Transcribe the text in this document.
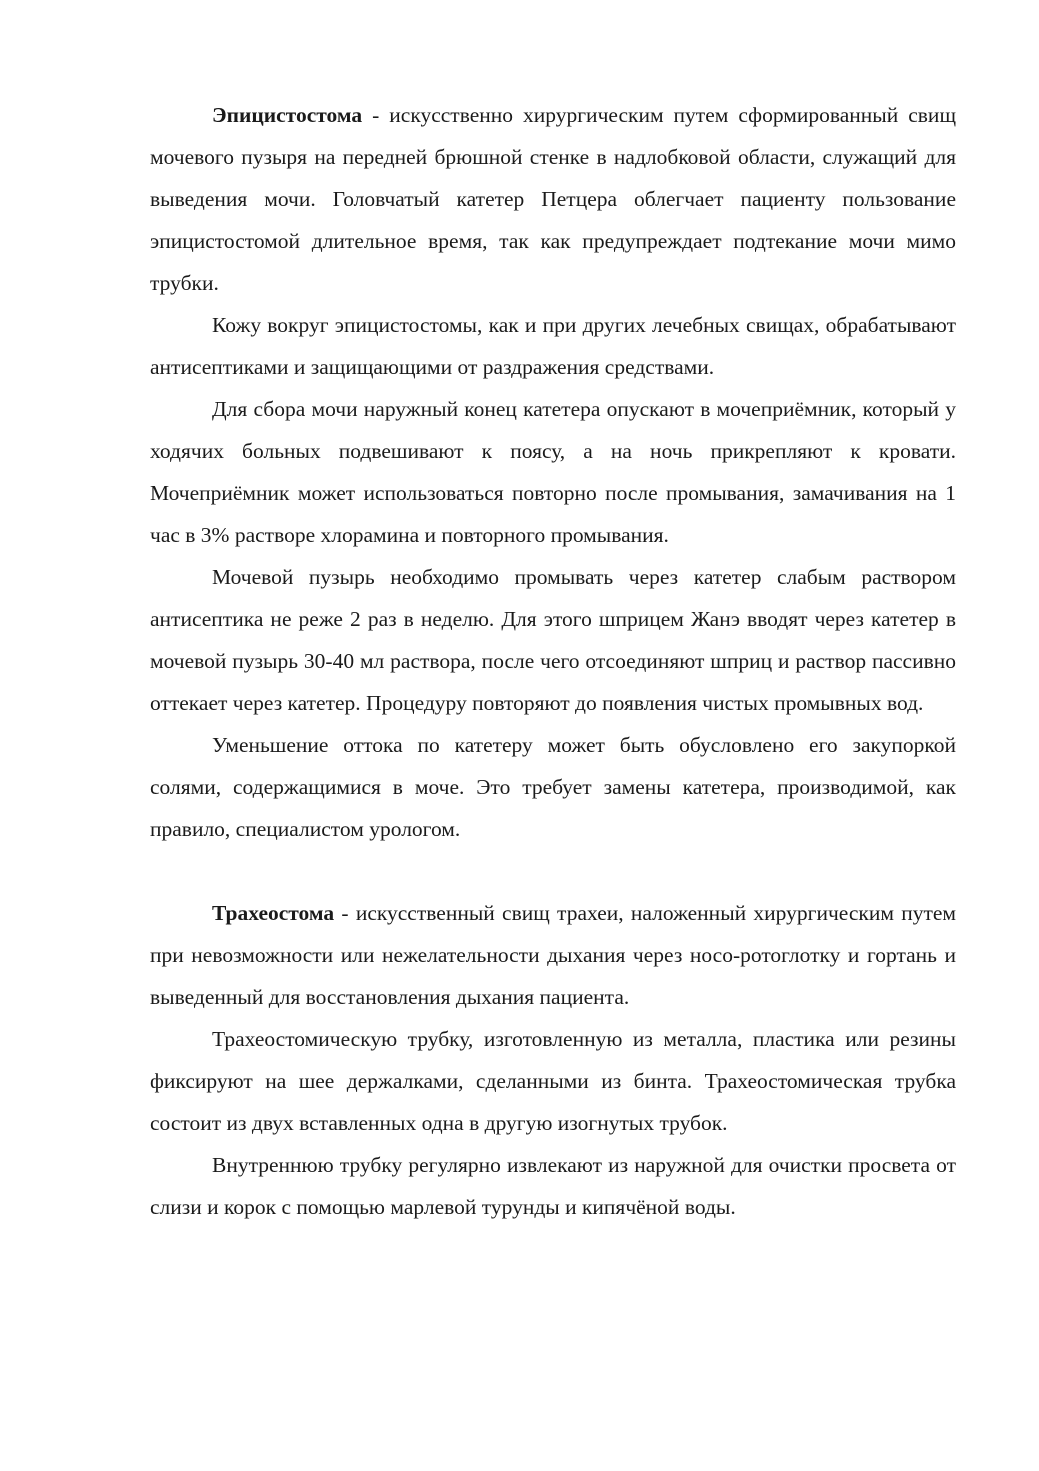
Эпицистостома - искусственно хирургическим путем сформированный свищ мочевого пузыря на передней брюшной стенке в надлобковой области, служащий для выведения мочи. Головчатый катетер Петцера облегчает пациенту пользование эпицистостомой длительное время, так как предупреждает подтекание мочи мимо трубки.

Кожу вокруг эпицистостомы, как и при других лечебных свищах, обрабатывают антисептиками и защищающими от раздражения средствами.

Для сбора мочи наружный конец катетера опускают в мочеприёмник, который у ходячих больных подвешивают к поясу, а на ночь прикрепляют к кровати. Мочеприёмник может использоваться повторно после промывания, замачивания на 1 час в 3% растворе хлорамина и повторного промывания.

Мочевой пузырь необходимо промывать через катетер слабым раствором антисептика не реже 2 раз в неделю. Для этого шприцем Жанэ вводят через катетер в мочевой пузырь 30-40 мл раствора, после чего отсоединяют шприц и раствор пассивно оттекает через катетер. Процедуру повторяют до появления чистых промывных вод.

Уменьшение оттока по катетеру может быть обусловлено его закупоркой солями, содержащимися в моче. Это требует замены катетера, производимой, как правило, специалистом урологом.

Трахеостома - искусственный свищ трахеи, наложенный хирургическим путем при невозможности или нежелательности дыхания через носо-ротоглотку и гортань и выведенный для восстановления дыхания пациента.

Трахеостомическую трубку, изготовленную из металла, пластика или резины фиксируют на шее держалками, сделанными из бинта. Трахеостомическая трубка состоит из двух вставленных одна в другую изогнутых трубок.

Внутреннюю трубку регулярно извлекают из наружной для очистки просвета от слизи и корок с помощью марлевой турунды и кипячёной воды.
